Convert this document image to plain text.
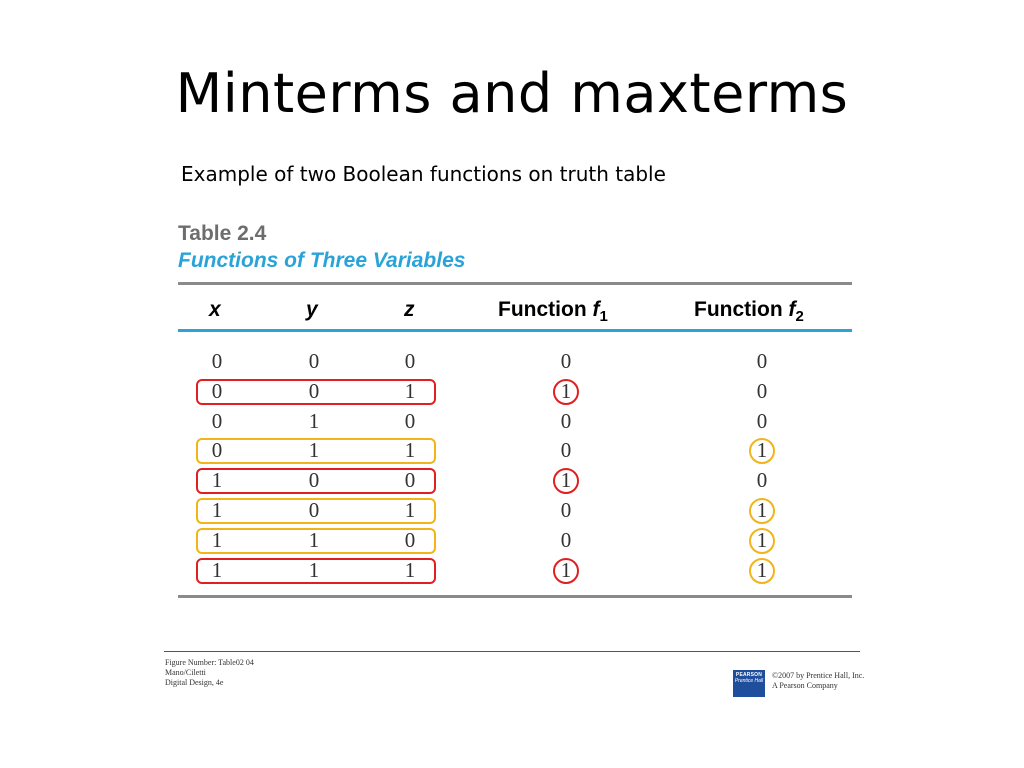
Minterms and maxterms
Example of two Boolean functions on truth table
Table 2.4
Functions of Three Variables
x	y	z	Function $f_1$	Function $f_2$
0	0	0	0	0
0	0	1	1	0
0	1	0	0	0
0	1	1	0	1
1	0	0	1	0
1	0	1	0	1
1	1	0	0	1
1	1	1	1	1
Figure Number: Table02 04
Mano/Ciletti
Digital Design, 4e
PEARSON
Prentice Hall
©2007 by Prentice Hall, Inc.
A Pearson Company
